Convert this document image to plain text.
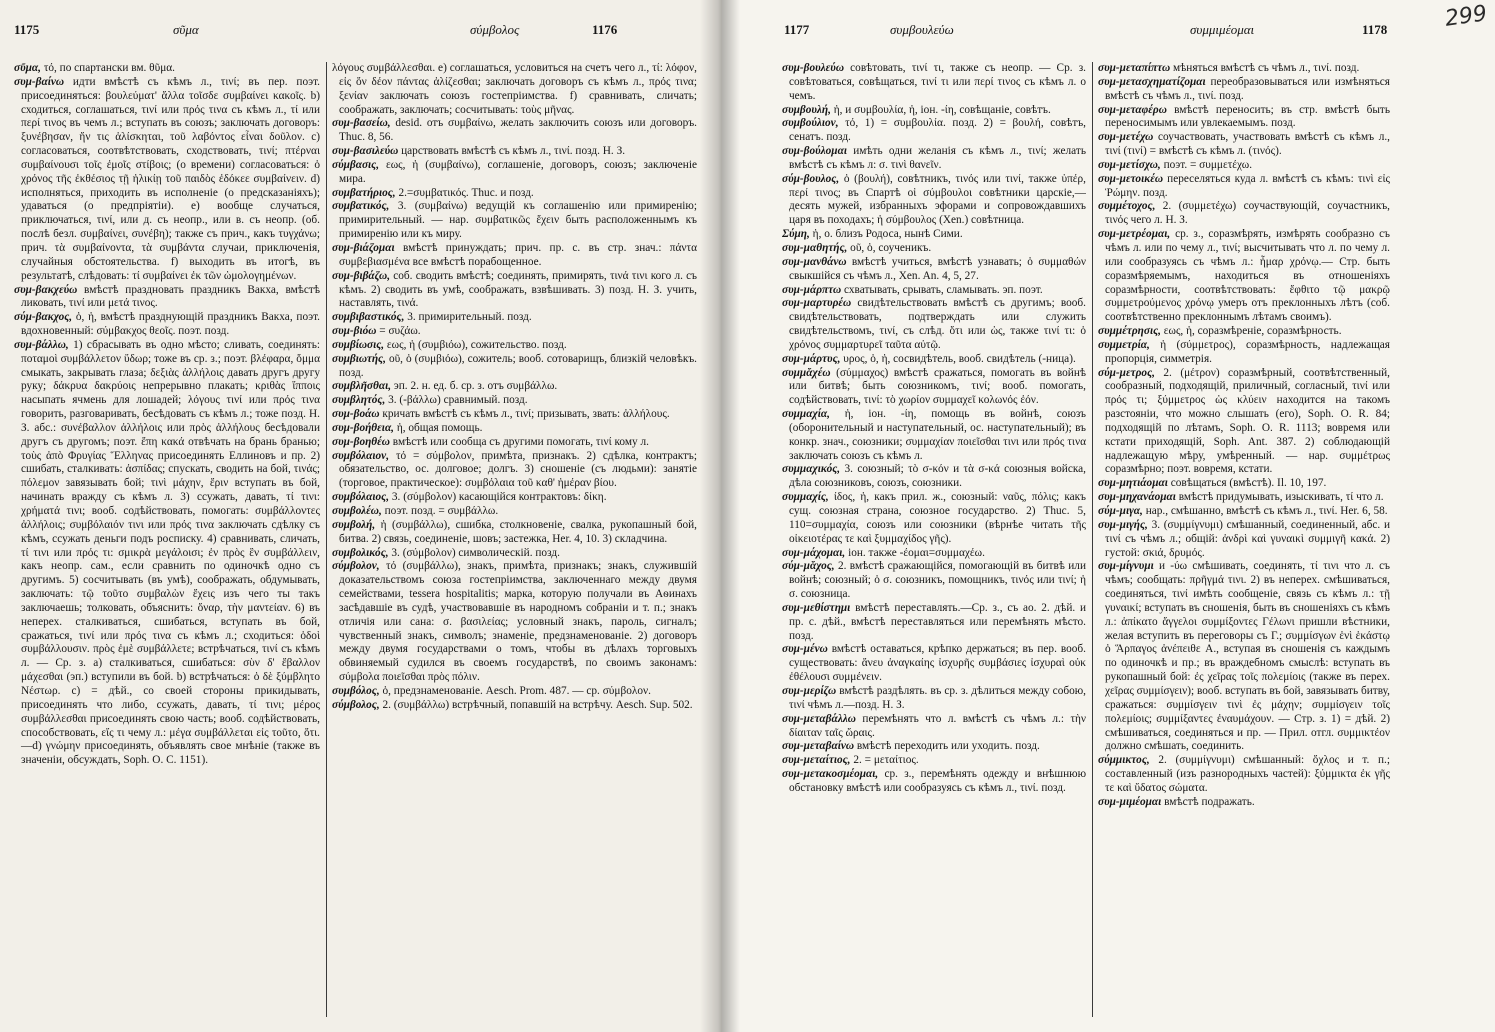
1175	σῦμα	σύμβολος	1176

σῦμα, τό, по спартански вм. θῦμα.

συμ-βαίνω идти вмѣстѣ съ кѣмъ л., τινί; въ пер. поэт. присоединяться: βουλεύματ' ἄλλα τοῖσδε συμβαίνει κακοῖς. b) сходиться, соглашаться, τινί или πρός τινα съ кѣмъ л., τί или περί τινος въ чемъ л.; вступать въ союзъ; заключать договоръ: ξυνέβησαν, ἥν τις ἁλίσκηται, τοῦ λαβόντος εἶναι δοῦλον. c) согласоваться, соотвѣтствовать, сходствовать, τινί; πτέρναι συμβαίνουσι τοῖς ἐμοῖς στίβοις; (о времени) согласоваться: ὁ χρόνος τῆς ἐκθέσιος τῇ ἡλικίῃ τοῦ παιδὸς ἐδόκεε συμβαίνειν. d) исполняться, приходить въ исполненіе (о предсказаніяхъ); удаваться (о предпріятіи). e) вообще случаться, приключаться, τινί, или д. съ неопр., или в. съ неопр. (об. послѣ безл. συμβαίνει, συνέβη); также съ прич., какъ τυγχάνω; прич. τὰ συμβαίνοντα, τὰ συμβάντα случаи, приключенія, случайныя обстоятельства. f) выходить въ итогѣ, въ результатѣ, слѣдовать: τί συμβαίνει ἐκ τῶν ὡμολογημένων.

συμ-βακχεύω вмѣстѣ праздновать праздникъ Вакха, вмѣстѣ ликовать, τινί или μετά τινος.

σύμ-βακχος, ὁ, ἡ, вмѣстѣ празднующій праздникъ Вакха, поэт. вдохновенный: σύμβακχος θεοῖς. поэт. позд.

συμ-βάλλω, 1) сбрасывать въ одно мѣсто; сливать, соединять: ποταμοὶ συμβάλλετον ὕδωρ; тоже въ ср. з.; поэт. βλέφαρα, ὄμμα смыкать, закрывать глаза; δεξιὰς ἀλλήλοις давать другъ другу руку; δάκρυα δακρύοις непрерывно плакать; κριθὰς ἵπποις насыпать ячмень для лошадей; λόγους τινί или πρός τινα говорить, разговаривать, бесѣдовать съ кѣмъ л.; тоже позд. Н. З. абс.: συνέβαλλον ἀλλήλοις или πρὸς ἀλλήλους бесѣдовали другъ съ другомъ; поэт. ἔπη κακά отвѣчать на брань бранью; τοὺς ἀπὸ Φρυγίας Ἕλληνας присоединять Еллиновъ и пр. 2) сшибать, сталкивать: ἀσπίδας; спускать, сводить на бой, τινάς; πόλεμον завязывать бой; τινὶ μάχην, ἔριν вступать въ бой, начинать вражду съ кѣмъ л. 3) ссужать, давать, τί τινι: χρήματά τινι; вооб. содѣйствовать, помогать: συμβάλλοντες ἀλλήλοις; συμβόλαιόν τινι или πρός τινα заключать сдѣлку съ кѣмъ, ссужать деньги подъ росписку. 4) сравнивать, сличать, τί τινι или πρός τι: σμικρὰ μεγάλοισι; ἐν πρὸς ἓν συμβάλλειν, какъ неопр. сам., если сравнить по одиночкѣ одно съ другимъ. 5) сосчитывать (въ умѣ), соображать, обдумывать, заключать: τῷ τοῦτο συμβαλὼν ἔχεις изъ чего ты такъ заключаешь; толковать, объяснить: ὄναρ, τὴν μαντείαν. 6) въ неперех. сталкиваться, сшибаться, вступать въ бой, сражаться, τινί или πρός τινα съ кѣмъ л.; сходиться: ὁδοὶ συμβάλλουσιν. πρὸς ἐμὲ συμβάλλετε; встрѣчаться, τινί съ кѣмъ л. — Ср. з. а) сталкиваться, сшибаться: σὺν δ' ἔβαλλον μάχεσθαι (эп.) вступили въ бой. b) встрѣчаться: ὁ δὲ ξύμβλητο Νέστωρ. c) = дѣй., со своей стороны прикидывать, присоединять что либо, ссужать, давать, τί τινι; μέρος συμβάλλεσθαι присоединять свою часть; вооб. содѣйствовать, способствовать, εἴς τι чему л.: μέγα συμβάλλεται εἰς τοῦτο, ὅτι.—d) γνώμην присоединять, объявлять свое мнѣніе (также въ значеніи, обсуждать, Soph. O. C. 1151).

λόγους συμβάλλεσθαι. e) соглашаться, условиться на счетъ чего л., τί: λόφον, εἰς ὅν δέον πάντας ἁλίζεσθαι; заключать договоръ съ кѣмъ л., πρός τινα; ξενίαν заключать союзъ гостепріимства. f) сравнивать, сличать; соображать, заключать; сосчитывать: τοὺς μῆνας.

συμ-βασείω, desid. отъ συμβαίνω, желать заключить союзъ или договоръ. Thuc. 8, 56.

συμ-βασιλεύω царствовать вмѣстѣ съ кѣмъ л., τινί. позд. Н. З.

σύμβασις, εως, ἡ (συμβαίνω), соглашеніе, договоръ, союзъ; заключеніе мира.

συμβατήριος, 2.=συμβατικός. Thuc. и позд.

συμβατικός, 3. (συμβαίνω) ведущій къ соглашенію или примиренію; примирительный. — нар. συμβατικῶς ἔχειν быть расположеннымъ къ примиренію или къ миру.

συμ-βιάζομαι вмѣстѣ принуждать; прич. пр. с. въ стр. знач.: πάντα συμβεβιασμένα все вмѣстѣ порабощенное.

συμ-βιβάζω, соб. сводить вмѣстѣ; соединять, примирять, τινά τινι кого л. съ кѣмъ. 2) сводить въ умѣ, соображать, взвѣшивать. 3) позд. Н. З. учить, наставлять, τινά.

συμβιβαστικός, 3. примирительный. позд.

συμ-βιόω = συζάω.

συμβίωσις, εως, ἡ (συμβιόω), сожительство. позд.

συμβιωτής, οῦ, ὁ (συμβιόω), сожитель; вооб. сотоварищъ, близкій человѣкъ. позд.

συμβλῆσθαι, эп. 2. н. ед. б. ср. з. отъ συμβάλλω.

συμβλητός, 3. (-βάλλω) сравнимый. позд.

συμ-βοάω кричать вмѣстѣ съ кѣмъ л., τινί; призывать, звать: ἀλλήλους.

συμ-βοήθεια, ἡ, общая помощь.

συμ-βοηθέω вмѣстѣ или сообща съ другими помогать, τινί кому л.

συμβόλαιον, τό = σύμβολον, примѣта, признакъ. 2) сдѣлка, контрактъ; обязательство, ос. долговое; долгъ. 3) сношеніе (съ людьми): занятіе (торговое, практическое): συμβόλαια τοῦ καθ' ἡμέραν βίου.

συμβόλαιος, 3. (σύμβολον) касающійся контрактовъ: δίκη.

συμβολέω, поэт. позд. = συμβάλλω.

συμβολή, ἡ (συμβάλλω), сшибка, столкновеніе, свалка, рукопашный бой, битва. 2) связь, соединеніе, шовъ; застежка, Her. 4, 10. 3) складчина.

συμβολικός, 3. (σύμβολον) символическій. позд.

σύμβολον, τό (συμβάλλω), знакъ, примѣта, признакъ; знакъ, служившій доказательствомъ союза гостепріимства, заключеннаго между двумя семействами, tessera hospitalitis; марка, которую получали въ Аѳинахъ засѣдавшіе въ судѣ, участвовавшіе въ народномъ собраніи и т. п.; знакъ отличія или сана: σ. βασιλείας; условный знакъ, пароль, сигналъ; чувственный знакъ, символъ; знаменіе, предзнаменованіе. 2) договоръ между двумя государствами о томъ, чтобы въ дѣлахъ торговыхъ обвиняемый судился въ своемъ государствѣ, по своимъ законамъ: σύμβολα ποιεῖσθαι πρὸς πόλιν.

συμβόλος, ὁ, предзнаменованіе. Aesch. Prom. 487. — ср. σύμβολον.

σύμβολος, 2. (συμβάλλω) встрѣчный, попавшій на встрѣчу. Aesch. Sup. 502.

1177	συμβουλεύω	συμμιμέομαι	1178	299

συμ-βουλεύω совѣтовать, τινί τι, также съ неопр. — Ср. з. совѣтоваться, совѣщаться, τινί τι или περί τινος съ кѣмъ л. о чемъ.

συμβουλή, ἡ, и συμβουλία, ἡ, іон. -ίη, совѣщаніе, совѣтъ.

συμβούλιον, τό, 1) = συμβουλία. позд. 2) = βουλή, совѣтъ, сенатъ. позд.

συμ-βούλομαι имѣть одни желанія съ кѣмъ л., τινί; желать вмѣстѣ съ кѣмъ л: σ. τινὶ θανεῖν.

σύμ-βουλος, ὁ (βουλή), совѣтникъ, τινός или τινί, также ὑπέρ, περί τινος; въ Спартѣ οἱ σύμβουλοι совѣтники царскіе,—десять мужей, избранныхъ эфорами и сопровождавшихъ царя въ походахъ; ἡ σύμβουλος (Xen.) совѣтница.

Σύμη, ἡ, о. близъ Родоса, нынѣ Сими.

συμ-μαθητής, οῦ, ὁ, соученикъ.

συμ-μανθάνω вмѣстѣ учиться, вмѣстѣ узнавать; ὁ συμμαθών свыкшійся съ чѣмъ л., Xen. An. 4, 5, 27.

συμ-μάρπτω схватывать, срывать, сламывать. эп. поэт.

συμ-μαρτυρέω свидѣтельствовать вмѣстѣ съ другимъ; вооб. свидѣтельствовать, подтверждать или служить свидѣтельствомъ, τινί, съ слѣд. ὅτι или ὡς, также τινί τι: ὁ χρόνος συμμαρτυρεῖ ταῦτα αὐτῷ.

συμ-μάρτυς, υρος, ὁ, ἡ, сосвидѣтель, вооб. свидѣтель (-ница).

συμμᾰχέω (σύμμαχος) вмѣстѣ сражаться, помогать въ войнѣ или битвѣ; быть союзникомъ, τινί; вооб. помогать, содѣйствовать, τινί: τὸ χωρίον συμμαχεῖ κολωνός ἐόν.

συμμαχία, ἡ, іон. -ίη, помощь въ войнѣ, союзъ (оборонительный и наступательный, ос. наступательный); въ конкр. знач., союзники; συμμαχίαν ποιεῖσθαι τινι или πρός τινα заключать союзъ съ кѣмъ л.

συμμαχικός, 3. союзный; τὸ σ-κόν и τὰ σ-κά союзныя войска, дѣла союзниковъ, союзъ, союзники.

συμμαχίς, ίδος, ἡ, какъ прил. ж., союзный: ναῦς, πόλις; какъ сущ. союзная страна, союзное государство. 2) Thuc. 5, 110=συμμαχία, союзъ или союзники (вѣрнѣе читать τῆς οἰκειοτέρας τε καὶ ξυμμαχίδος γῆς).

συμ-μάχομαι, іон. также -έομαι=συμμαχέω.

σύμ-μᾰχος, 2. вмѣстѣ сражающійся, помогающій въ битвѣ или войнѣ; союзный; ὁ σ. союзникъ, помощникъ, τινός или τινί; ἡ σ. союзница.

συμ-μεθίστημι вмѣстѣ переставлять.—Ср. з., съ ао. 2. дѣй. и пр. с. дѣй., вмѣстѣ переставляться или перемѣнять мѣсто. позд.

συμ-μένω вмѣстѣ оставаться, крѣпко держаться; въ пер. вооб. существовать: ἄνευ ἀναγκαίης ἰσχυρῆς συμβάσιες ἰσχυραὶ οὐκ ἐθέλουσι συμμένειν.

συμ-μερίζω вмѣстѣ раздѣлять. въ ср. з. дѣлиться между собою, τινί чѣмъ л.—позд. Н. З.

συμ-μεταβάλλω перемѣнять что л. вмѣстѣ съ чѣмъ л.: τὴν δίαιταν ταῖς ὥραις.

συμ-μεταβαίνω вмѣстѣ переходить или уходить. позд.

συμ-μεταίτιος, 2. = μεταίτιος.

συμ-μετακοσμέομαι, ср. з., перемѣнять одежду и внѣшнюю обстановку вмѣстѣ или сообразуясь съ кѣмъ л., τινί. позд.

συμ-μεταπίπτω мѣняться вмѣстѣ съ чѣмъ л., τινί. позд.

συμ-μετασχηματίζομαι переобразовываться или измѣняться вмѣстѣ съ чѣмъ л., τινί. позд.

συμ-μεταφέρω вмѣстѣ переносить; въ стр. вмѣстѣ быть переносимымъ или увлекаемымъ. позд.

συμ-μετέχω соучаствовать, участвовать вмѣстѣ съ кѣмъ л., τινί (τινί) = вмѣстѣ съ кѣмъ л. (τινός).

συμ-μετίσχω, поэт. = συμμετέχω.

συμ-μετοικέω переселяться куда л. вмѣстѣ съ кѣмъ: τινὶ εἰς Ῥώμην. позд.

συμμέτοχος, 2. (συμμετέχω) соучаствующій, соучастникъ, τινός чего л. Н. З.

συμ-μετρέομαι, ср. з., соразмѣрять, измѣрять сообразно съ чѣмъ л. или по чему л., τινί; высчитывать что л. по чему л. или сообразуясь съ чѣмъ л.: ἦμαρ χρόνῳ.— Стр. быть соразмѣряемымъ, находиться въ отношеніяхъ соразмѣрности, соотвѣтствовать: ἔφθιτο τῷ μακρῷ συμμετρούμενος χρόνῳ умеръ отъ преклонныхъ лѣтъ (соб. соотвѣтственно преклоннымъ лѣтамъ своимъ).

συμμέτρησις, εως, ἡ, соразмѣреніе, соразмѣрность.

συμμετρία, ἡ (σύμμετρος), соразмѣрность, надлежащая пропорція, симметрія.

σύμ-μετρος, 2. (μέτρον) соразмѣрный, соотвѣтственный, сообразный, подходящій, приличный, согласный, τινί или πρός τι; ξύμμετρος ὡς κλύειν находится на такомъ разстояніи, что можно слышать (его), Soph. O. R. 84; подходящій по лѣтамъ, Soph. O. R. 1113; вовремя или кстати приходящій, Soph. Ant. 387. 2) соблюдающій надлежащую мѣру, умѣренный. — нар. συμμέτρως соразмѣрно; поэт. вовремя, кстати.

συμ-μητιάομαι совѣщаться (вмѣстѣ). Il. 10, 197.

συμ-μηχανάομαι вмѣстѣ придумывать, изыскивать, τί что л.

σύμ-μιγα, нар., смѣшанно, вмѣстѣ съ кѣмъ л., τινί. Her. 6, 58.

συμ-μιγής, 3. (συμμίγνυμι) смѣшанный, соединенный, абс. и τινί съ чѣмъ л.; общій: ἀνδρὶ καὶ γυναικὶ συμμιγῆ κακά. 2) густой: σκιά, δρυμός.

συμ-μίγνυμι и -ύω смѣшивать, соединять, τί τινι что л. съ чѣмъ; сообщать: πρῆγμά τινι. 2) въ неперех. смѣшиваться, соединяться, τινί имѣть сообщеніе, связь съ кѣмъ л.: τῇ γυναικί; вступать въ сношенія, быть въ сношеніяхъ съ кѣмъ л.: ἀπίκατο ἄγγελοι συμμίξοντες Γέλωνι пришли вѣстники, желая вступить въ переговоры съ Г.; συμμίσγων ἑνὶ ἑκάστῳ ὁ Ἅρπαγος ἀνέπειθε А., вступая въ сношенія съ каждымъ по одиночкѣ и пр.; въ враждебномъ смыслѣ: вступать въ рукопашный бой: ἐς χεῖρας τοῖς πολεμίοις (также въ перех. χεῖρας συμμίσγειν); вооб. вступать въ бой, завязывать битву, сражаться: συμμίσγειν τινὶ ἐς μάχην; συμμίσγειν τοῖς πολεμίοις; συμμίξαντες ἐναυμάχουν. — Стр. з. 1) = дѣй. 2) смѣшиваться, соединяться и пр. — Прил. отгл. συμμικτέον должно смѣшать, соединить.

σύμμικτος, 2. (συμμίγνυμι) смѣшанный: ὄχλος и т. п.; составленный (изъ разнородныхъ частей): ξύμμικτα ἐκ γῆς τε καὶ ὕδατος σώματα.

συμ-μιμέομαι вмѣстѣ подражать.
